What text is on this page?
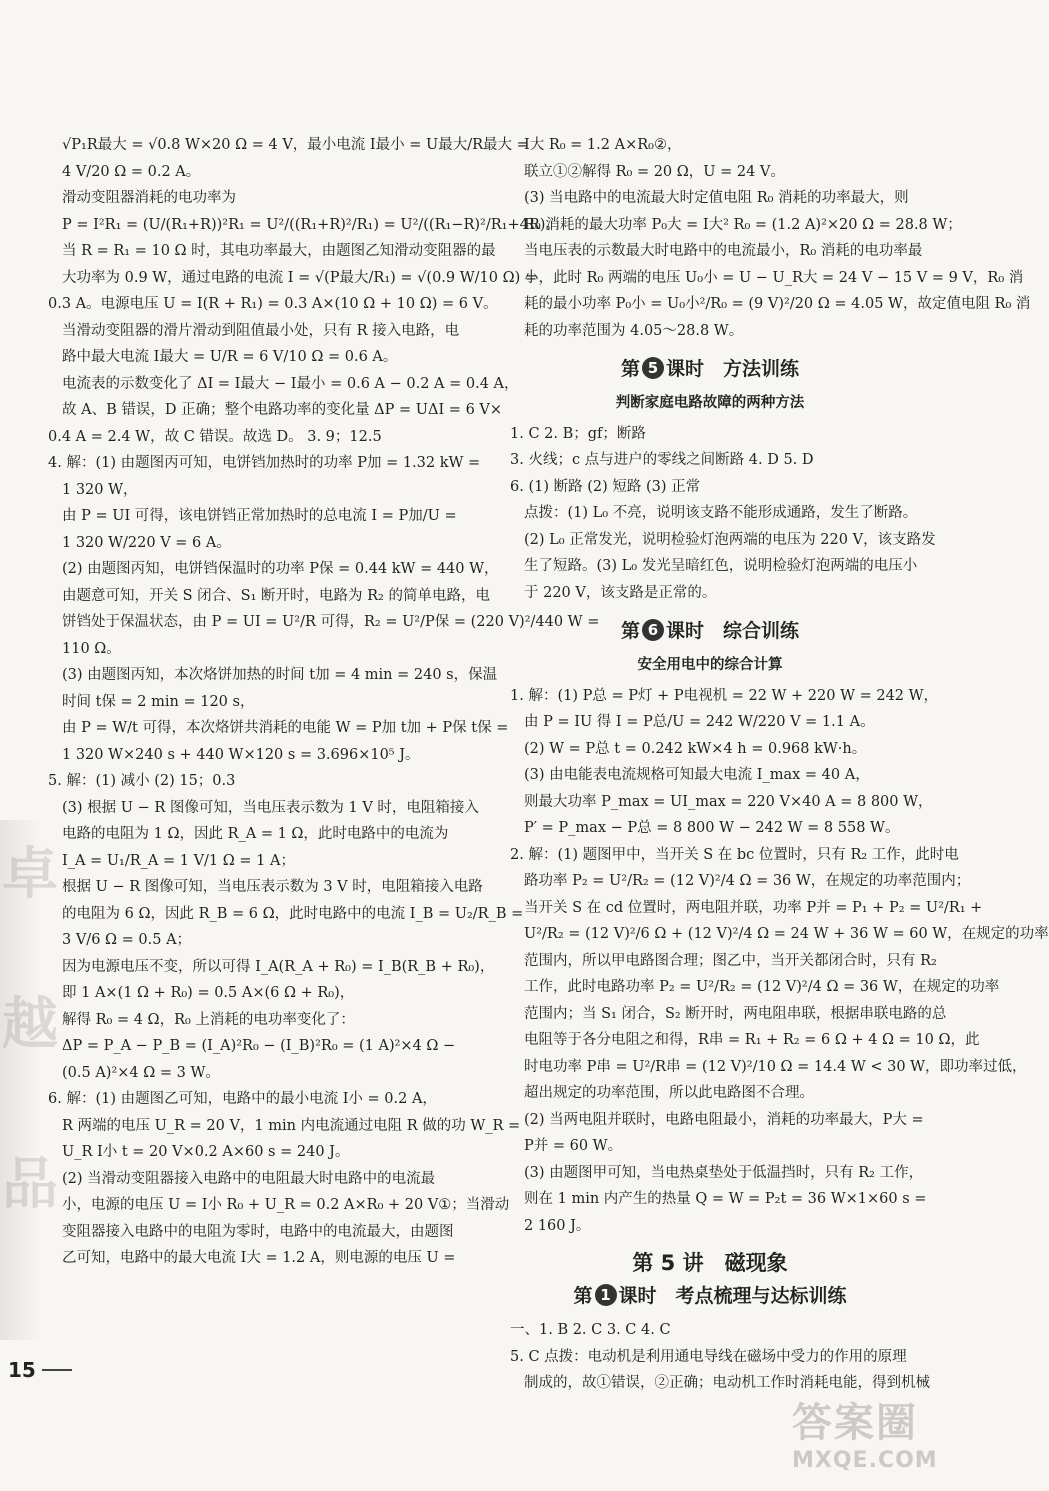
卓
越
品
√P₁R最大 = √0.8 W×20 Ω = 4 V，最小电流 I最小 = U最大/R最大 =
4 V/20 Ω = 0.2 A。
滑动变阻器消耗的电功率为
P = I²R₁ = (U/(R₁+R))²R₁ = U²/((R₁+R)²/R₁) = U²/((R₁−R)²/R₁+4R)。
当 R = R₁ = 10 Ω 时，其电功率最大，由题图乙知滑动变阻器的最
大功率为 0.9 W，通过电路的电流 I = √(P最大/R₁) = √(0.9 W/10 Ω) =
0.3 A。电源电压 U = I(R + R₁) = 0.3 A×(10 Ω + 10 Ω) = 6 V。
当滑动变阻器的滑片滑动到阻值最小处，只有 R 接入电路，电
路中最大电流 I最大 = U/R = 6 V/10 Ω = 0.6 A。
电流表的示数变化了 ΔI = I最大 − I最小 = 0.6 A − 0.2 A = 0.4 A，
故 A、B 错误，D 正确；整个电路功率的变化量 ΔP = UΔI = 6 V×
0.4 A = 2.4 W，故 C 错误。故选 D。 3. 9；12.5
4. 解：(1) 由题图丙可知，电饼铛加热时的功率 P加 = 1.32 kW =
1 320 W，
由 P = UI 可得，该电饼铛正常加热时的总电流 I = P加/U =
1 320 W/220 V = 6 A。
(2) 由题图丙知，电饼铛保温时的功率 P保 = 0.44 kW = 440 W，
由题意可知，开关 S 闭合、S₁ 断开时，电路为 R₂ 的简单电路，电
饼铛处于保温状态，由 P = UI = U²/R 可得，R₂ = U²/P保 = (220 V)²/440 W =
110 Ω。
(3) 由题图丙知，本次烙饼加热的时间 t加 = 4 min = 240 s，保温
时间 t保 = 2 min = 120 s，
由 P = W/t 可得，本次烙饼共消耗的电能 W = P加 t加 + P保 t保 =
1 320 W×240 s + 440 W×120 s = 3.696×10⁵ J。
5. 解：(1) 减小 (2) 15；0.3
(3) 根据 U − R 图像可知，当电压表示数为 1 V 时，电阻箱接入
电路的电阻为 1 Ω，因此 R_A = 1 Ω，此时电路中的电流为
I_A = U₁/R_A = 1 V/1 Ω = 1 A；
根据 U − R 图像可知，当电压表示数为 3 V 时，电阻箱接入电路
的电阻为 6 Ω，因此 R_B = 6 Ω，此时电路中的电流 I_B = U₂/R_B =
3 V/6 Ω = 0.5 A；
因为电源电压不变，所以可得 I_A(R_A + R₀) = I_B(R_B + R₀)，
即 1 A×(1 Ω + R₀) = 0.5 A×(6 Ω + R₀)，
解得 R₀ = 4 Ω，R₀ 上消耗的电功率变化了：
ΔP = P_A − P_B = (I_A)²R₀ − (I_B)²R₀ = (1 A)²×4 Ω −
(0.5 A)²×4 Ω = 3 W。
6. 解：(1) 由题图乙可知，电路中的最小电流 I小 = 0.2 A，
R 两端的电压 U_R = 20 V，1 min 内电流通过电阻 R 做的功 W_R =
U_R I小 t = 20 V×0.2 A×60 s = 240 J。
(2) 当滑动变阻器接入电路中的电阻最大时电路中的电流最
小，电源的电压 U = I小 R₀ + U_R = 0.2 A×R₀ + 20 V①；当滑动
变阻器接入电路中的电阻为零时，电路中的电流最大，由题图
乙可知，电路中的最大电流 I大 = 1.2 A，则电源的电压 U =
I大 R₀ = 1.2 A×R₀②，
联立①②解得 R₀ = 20 Ω，U = 24 V。
(3) 当电路中的电流最大时定值电阻 R₀ 消耗的功率最大，则
R₀ 消耗的最大功率 P₀大 = I大² R₀ = (1.2 A)²×20 Ω = 28.8 W；
当电压表的示数最大时电路中的电流最小，R₀ 消耗的电功率最
小，此时 R₀ 两端的电压 U₀小 = U − U_R大 = 24 V − 15 V = 9 V，R₀ 消
耗的最小功率 P₀小 = U₀小²/R₀ = (9 V)²/20 Ω = 4.05 W，故定值电阻 R₀ 消
耗的功率范围为 4.05～28.8 W。
第 5 课时　方法训练
判断家庭电路故障的两种方法
1. C 2. B；gf；断路
3. 火线；c 点与进户的零线之间断路 4. D 5. D
6. (1) 断路 (2) 短路 (3) 正常
点拨：(1) L₀ 不亮，说明该支路不能形成通路，发生了断路。
(2) L₀ 正常发光，说明检验灯泡两端的电压为 220 V，该支路发
生了短路。(3) L₀ 发光呈暗红色，说明检验灯泡两端的电压小
于 220 V，该支路是正常的。
第 6 课时　综合训练
安全用电中的综合计算
1. 解：(1) P总 = P灯 + P电视机 = 22 W + 220 W = 242 W，
由 P = IU 得 I = P总/U = 242 W/220 V = 1.1 A。
(2) W = P总 t = 0.242 kW×4 h = 0.968 kW·h。
(3) 由电能表电流规格可知最大电流 I_max = 40 A，
则最大功率 P_max = UI_max = 220 V×40 A = 8 800 W，
P′ = P_max − P总 = 8 800 W − 242 W = 8 558 W。
2. 解：(1) 题图甲中，当开关 S 在 bc 位置时，只有 R₂ 工作，此时电
路功率 P₂ = U²/R₂ = (12 V)²/4 Ω = 36 W，在规定的功率范围内；
当开关 S 在 cd 位置时，两电阻并联，功率 P并 = P₁ + P₂ = U²/R₁ +
U²/R₂ = (12 V)²/6 Ω + (12 V)²/4 Ω = 24 W + 36 W = 60 W，在规定的功率
范围内，所以甲电路图合理；图乙中，当开关都闭合时，只有 R₂
工作，此时电路功率 P₂ = U²/R₂ = (12 V)²/4 Ω = 36 W，在规定的功率
范围内；当 S₁ 闭合，S₂ 断开时，两电阻串联，根据串联电路的总
电阻等于各分电阻之和得，R串 = R₁ + R₂ = 6 Ω + 4 Ω = 10 Ω，此
时电功率 P串 = U²/R串 = (12 V)²/10 Ω = 14.4 W < 30 W，即功率过低，
超出规定的功率范围，所以此电路图不合理。
(2) 当两电阻并联时，电路电阻最小，消耗的功率最大，P大 =
P并 = 60 W。
(3) 由题图甲可知，当电热桌垫处于低温挡时，只有 R₂ 工作，
则在 1 min 内产生的热量 Q = W = P₂t = 36 W×1×60 s =
2 160 J。
第 5 讲　磁现象
第 1 课时　考点梳理与达标训练
一、1. B 2. C 3. C 4. C
5. C 点拨：电动机是利用通电导线在磁场中受力的作用的原理
制成的，故①错误，②正确；电动机工作时消耗电能，得到机械
15
答案圈
MXQE.COM
